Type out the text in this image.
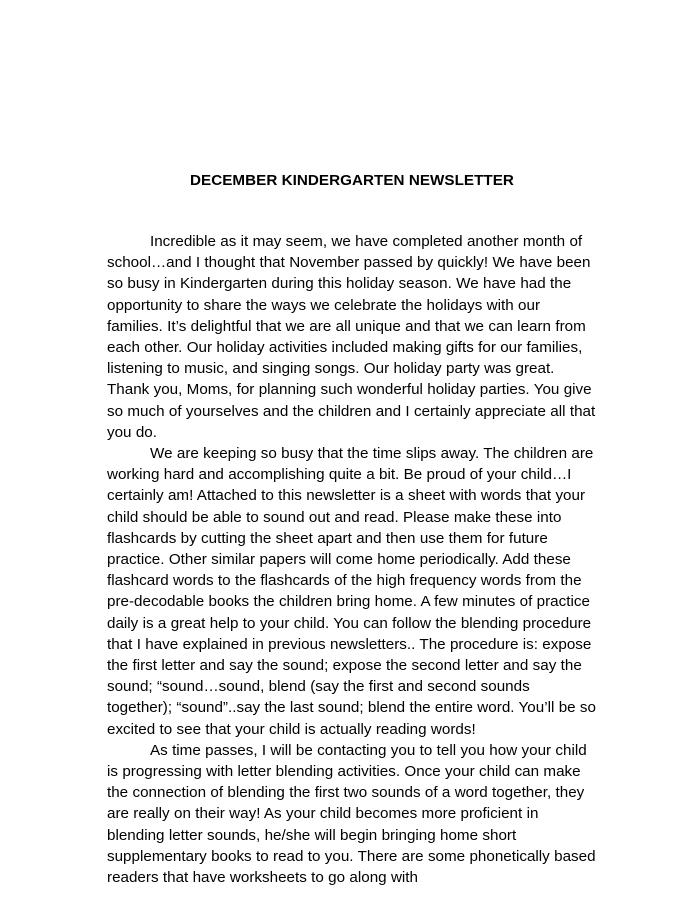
DECEMBER KINDERGARTEN NEWSLETTER

Incredible as it may seem, we have completed another month of school…and I thought that November passed by quickly! We have been so busy in Kindergarten during this holiday season. We have had the opportunity to share the ways we celebrate the holidays with our families. It’s delightful that we are all unique and that we can learn from each other. Our holiday activities included making gifts for our families, listening to music, and singing songs. Our holiday party was great. Thank you, Moms, for planning such wonderful holiday parties. You give so much of yourselves and the children and I certainly appreciate all that you do.

We are keeping so busy that the time slips away. The children are working hard and accomplishing quite a bit. Be proud of your child…I certainly am! Attached to this newsletter is a sheet with words that your child should be able to sound out and read. Please make these into flashcards by cutting the sheet apart and then use them for future practice. Other similar papers will come home periodically. Add these flashcard words to the flashcards of the high frequency words from the pre-decodable books the children bring home. A few minutes of practice daily is a great help to your child. You can follow the blending procedure that I have explained in previous newsletters.. The procedure is: expose the first letter and say the sound; expose the second letter and say the sound; “sound…sound, blend (say the first and second sounds together); “sound”..say the last sound; blend the entire word. You’ll be so excited to see that your child is actually reading words!

As time passes, I will be contacting you to tell you how your child is progressing with letter blending activities. Once your child can make the connection of blending the first two sounds of a word together, they are really on their way! As your child becomes more proficient in blending letter sounds, he/she will begin bringing home short supplementary books to read to you. There are some phonetically based readers that have worksheets to go along with
